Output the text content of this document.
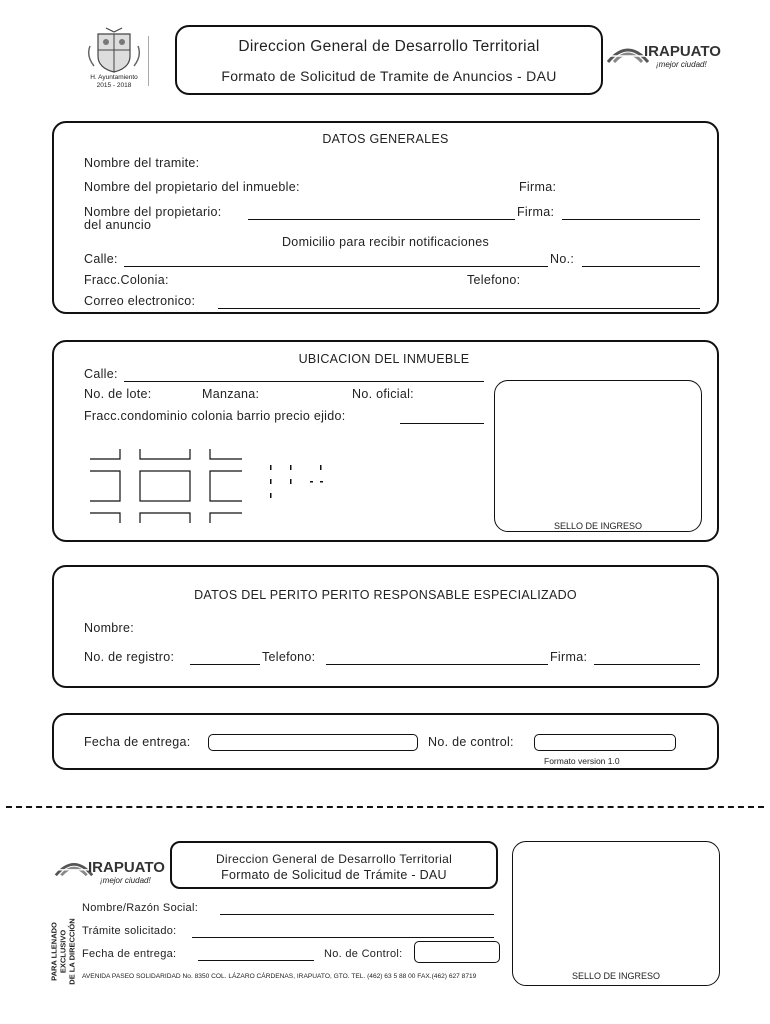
H. Ayuntamiento
2015 - 2018
Direccion General de Desarrollo Territorial
Formato de Solicitud de Tramite de Anuncios - DAU
IRAPUATO
¡mejor ciudad!
DATOS GENERALES
Nombre del tramite:
Nombre del propietario del inmueble:	Firma:
Nombre del propietario:	Firma:
del anuncio
Domicilio para recibir notificaciones
Calle:	No.:
Fracc.Colonia:	Telefono:
Correo electronico:
UBICACION DEL INMUEBLE
Calle:
No. de lote:	Manzana:	No. oficial:
Fracc.condominio colonia barrio precio ejido:
SELLO DE INGRESO
DATOS DEL PERITO PERITO RESPONSABLE ESPECIALIZADO
Nombre:
No. de registro:	Telefono:	Firma:
Fecha de entrega:	No. de control:
Formato version 1.0
IRAPUATO
¡mejor ciudad!
Direccion General de Desarrollo Territorial
Formato de Solicitud de Trámite - DAU
PARA LLENADO EXCLUSIVO DE LA DIRECCIÓN
Nombre/Razón Social:
Trámite solicitado:
Fecha de entrega:	No. de Control:
AVENIDA PASEO SOLIDARIDAD No. 8350 COL. LÁZARO CÁRDENAS, IRAPUATO, GTO. TEL. (462) 63 5 88 00 FAX.(462) 627 8719	SELLO DE INGRESO
